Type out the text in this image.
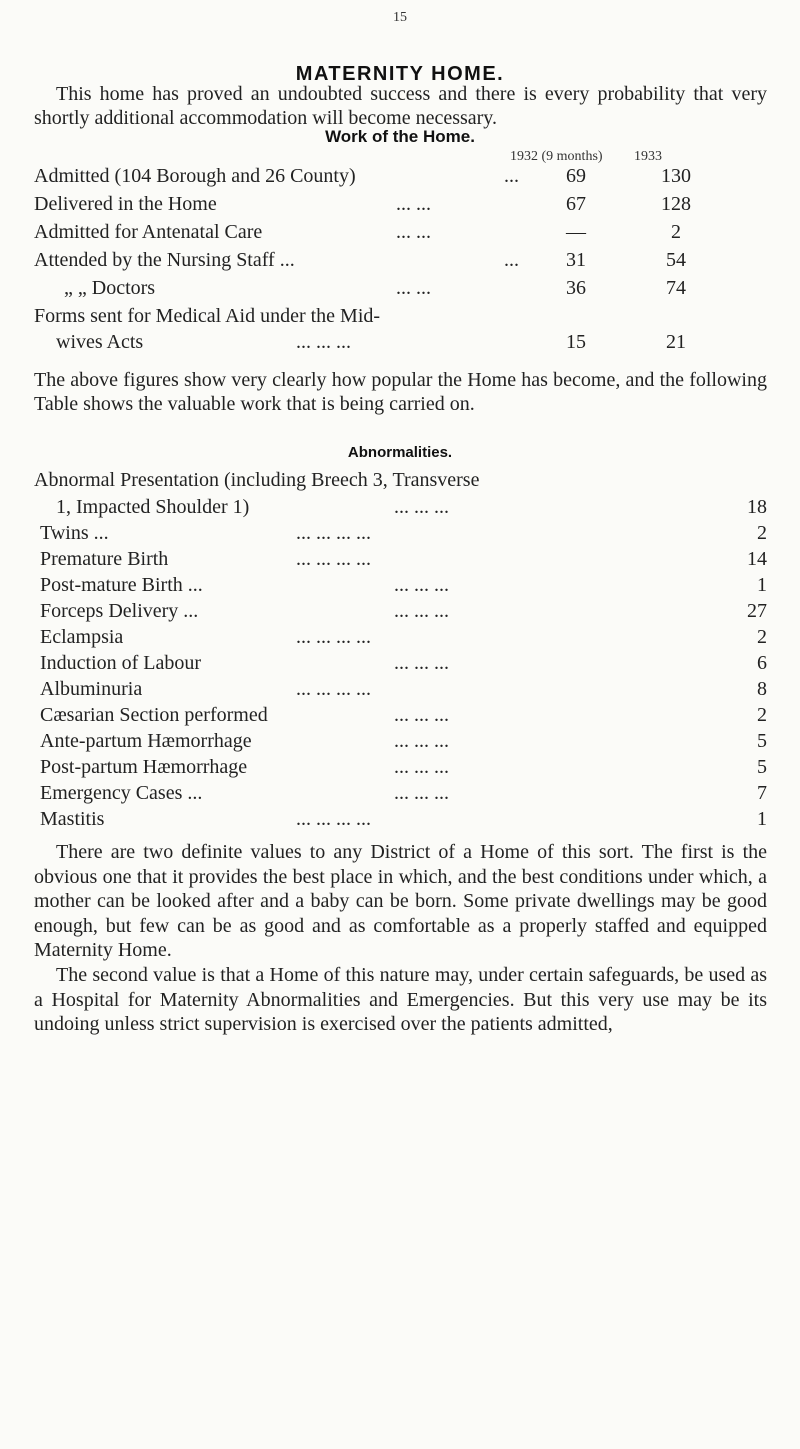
15
MATERNITY HOME.

This home has proved an undoubted success and there is every probability that very shortly additional accommodation will become necessary.

Work of the Home.
1932 (9 months) 1933
Admitted (104 Borough and 26 County)	...	69	130
Delivered in the Home	... ...	67	128
Admitted for Antenatal Care	... ...	—	2
Attended by the Nursing Staff ...	...	31	54
„ „ Doctors	... ...	36	74
Forms sent for Medical Aid under the Mid-
wives Acts	... ... ...	15	21

The above figures show very clearly how popular the Home has become, and the following Table shows the valuable work that is being carried on.

Abnormalities.
Abnormal Presentation (including Breech 3, Transverse
1, Impacted Shoulder 1)	... ... ...	18
Twins ...	... ... ... ...	2
Premature Birth	... ... ... ...	14
Post-mature Birth ...	... ... ...	1
Forceps Delivery ...	... ... ...	27
Eclampsia	... ... ... ...	2
Induction of Labour	... ... ...	6
Albuminuria	... ... ... ...	8
Cæsarian Section performed	... ... ...	2
Ante-partum Hæmorrhage	... ... ...	5
Post-partum Hæmorrhage	... ... ...	5
Emergency Cases ...	... ... ...	7
Mastitis	... ... ... ...	1

There are two definite values to any District of a Home of this sort. The first is the obvious one that it provides the best place in which, and the best conditions under which, a mother can be looked after and a baby can be born. Some private dwellings may be good enough, but few can be as good and as comfortable as a properly staffed and equipped Maternity Home.

The second value is that a Home of this nature may, under certain safeguards, be used as a Hospital for Maternity Abnormalities and Emergencies. But this very use may be its undoing unless strict supervision is exercised over the patients admitted,
